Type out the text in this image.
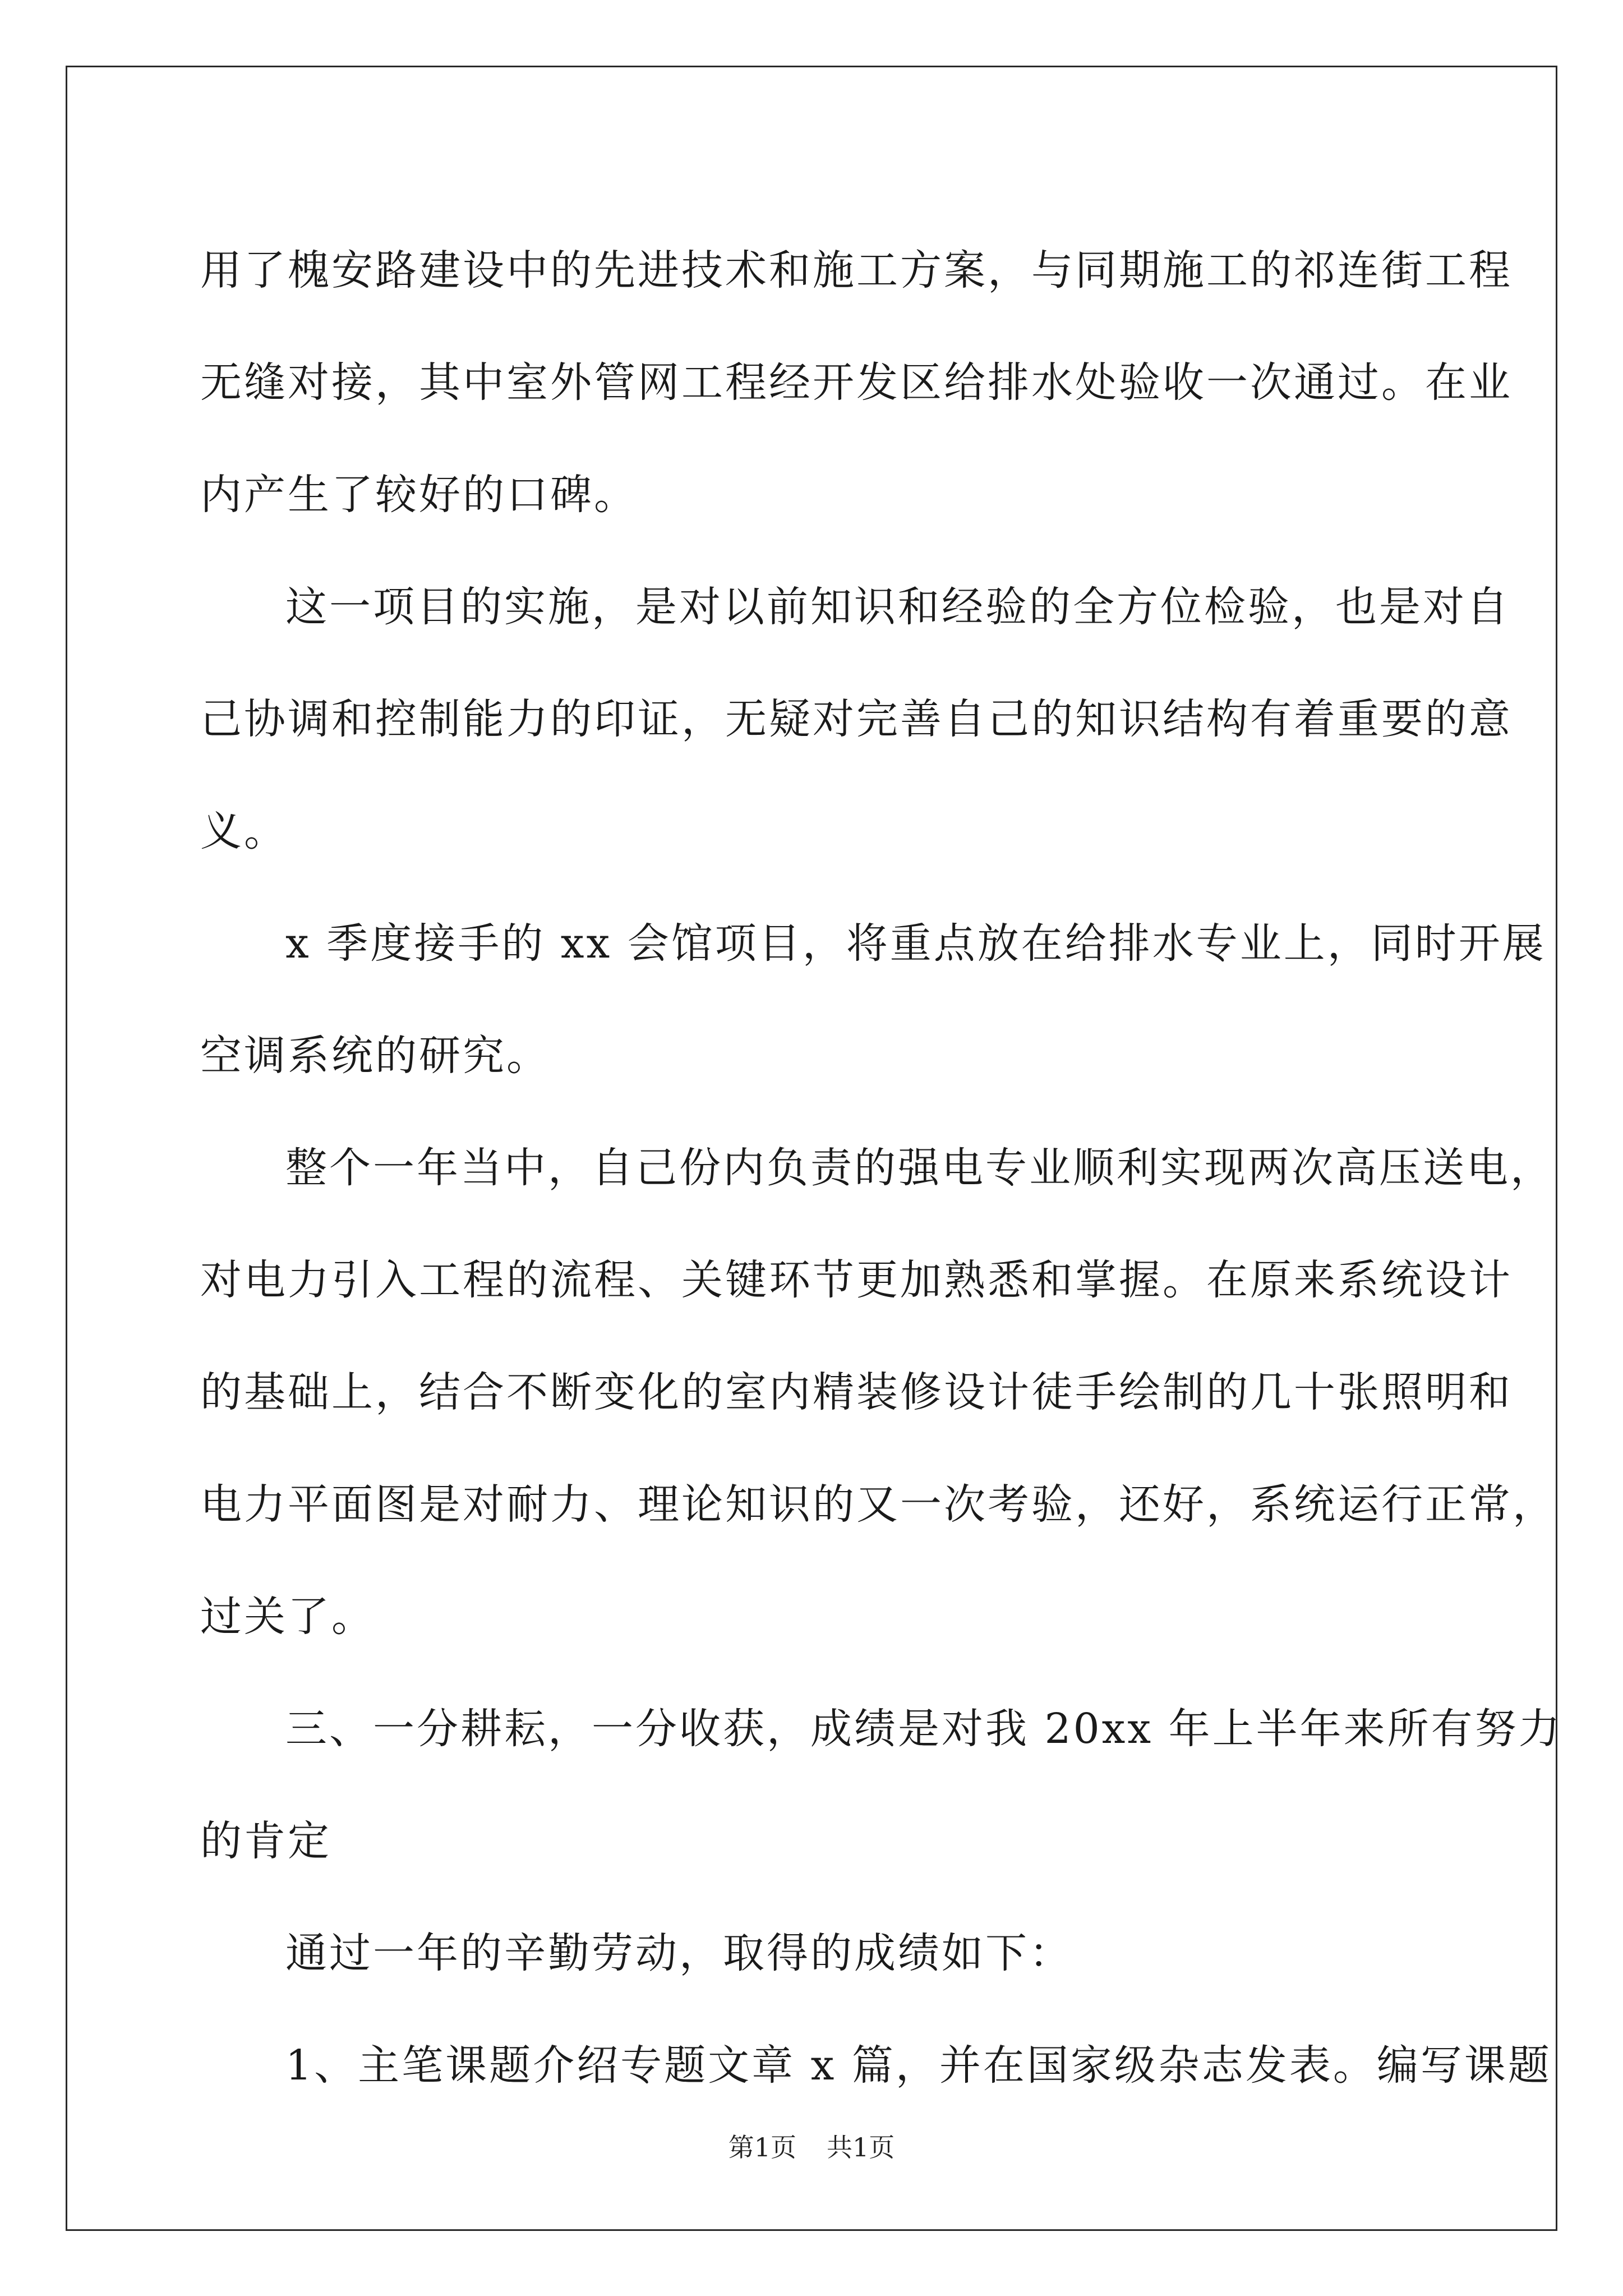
用了槐安路建设中的先进技术和施工方案，与同期施工的祁连街工程
无缝对接，其中室外管网工程经开发区给排水处验收一次通过。在业
内产生了较好的口碑。
这一项目的实施，是对以前知识和经验的全方位检验，也是对自
己协调和控制能力的印证，无疑对完善自己的知识结构有着重要的意
义。
x 季度接手的 xx 会馆项目，将重点放在给排水专业上，同时开展
空调系统的研究。
整个一年当中，自己份内负责的强电专业顺利实现两次高压送电，
对电力引入工程的流程、关键环节更加熟悉和掌握。在原来系统设计
的基础上，结合不断变化的室内精装修设计徒手绘制的几十张照明和
电力平面图是对耐力、理论知识的又一次考验，还好，系统运行正常，
过关了。
三、一分耕耘，一分收获，成绩是对我 20xx 年上半年来所有努力
的肯定
通过一年的辛勤劳动，取得的成绩如下：
1、主笔课题介绍专题文章 x 篇，并在国家级杂志发表。编写课题
第1页 共1页
